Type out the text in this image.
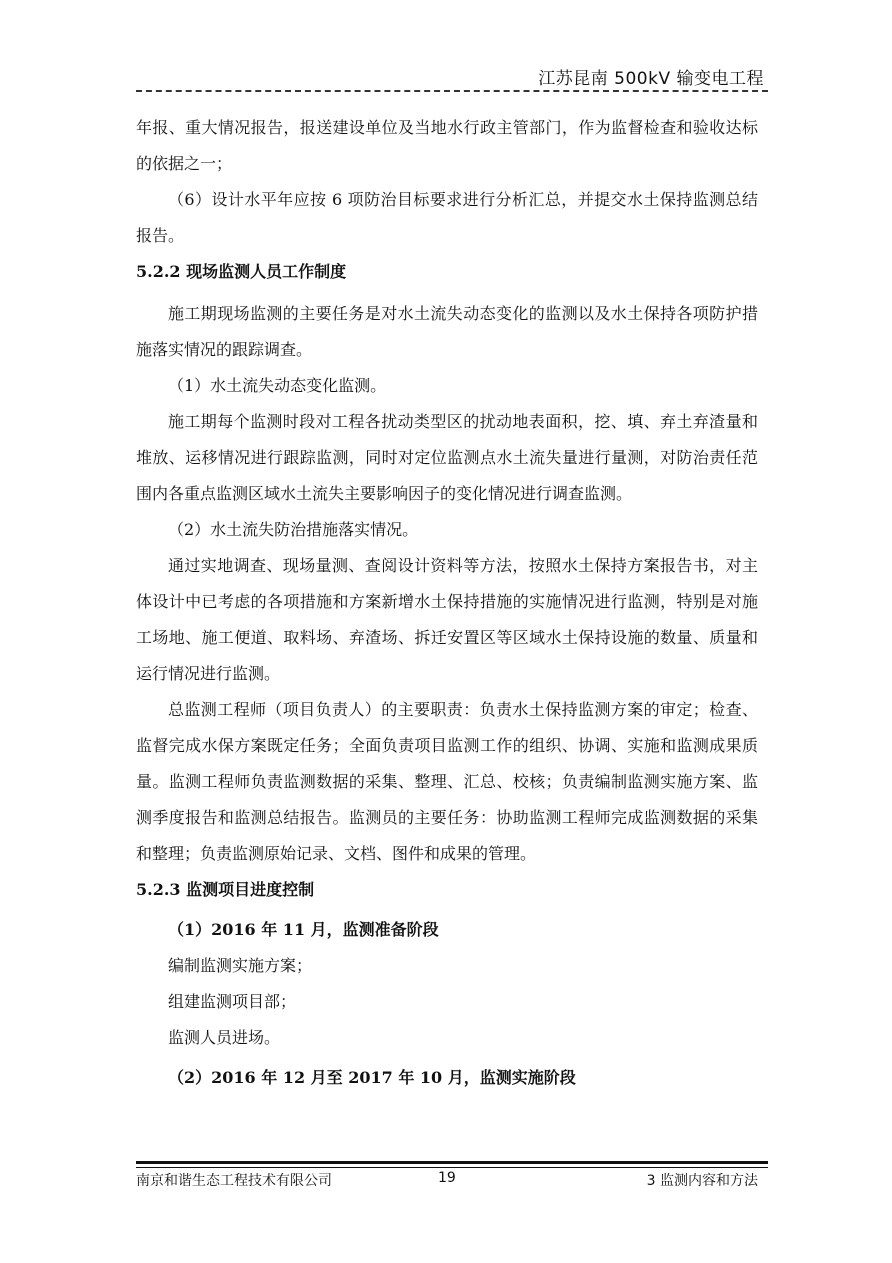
江苏昆南 500kV 输变电工程

年报、重大情况报告，报送建设单位及当地水行政主管部门，作为监督检查和验收达标的依据之一；

（6）设计水平年应按 6 项防治目标要求进行分析汇总，并提交水土保持监测总结报告。

5.2.2 现场监测人员工作制度

施工期现场监测的主要任务是对水土流失动态变化的监测以及水土保持各项防护措施落实情况的跟踪调查。

（1）水土流失动态变化监测。

施工期每个监测时段对工程各扰动类型区的扰动地表面积，挖、填、弃土弃渣量和堆放、运移情况进行跟踪监测，同时对定位监测点水土流失量进行量测，对防治责任范围内各重点监测区域水土流失主要影响因子的变化情况进行调查监测。

（2）水土流失防治措施落实情况。

通过实地调查、现场量测、查阅设计资料等方法，按照水土保持方案报告书，对主体设计中已考虑的各项措施和方案新增水土保持措施的实施情况进行监测，特别是对施工场地、施工便道、取料场、弃渣场、拆迁安置区等区域水土保持设施的数量、质量和运行情况进行监测。

总监测工程师（项目负责人）的主要职责：负责水土保持监测方案的审定；检查、监督完成水保方案既定任务；全面负责项目监测工作的组织、协调、实施和监测成果质量。监测工程师负责监测数据的采集、整理、汇总、校核；负责编制监测实施方案、监测季度报告和监测总结报告。监测员的主要任务：协助监测工程师完成监测数据的采集和整理；负责监测原始记录、文档、图件和成果的管理。

5.2.3 监测项目进度控制

（1）2016 年 11 月，监测准备阶段

编制监测实施方案；

组建监测项目部；

监测人员进场。

（2）2016 年 12 月至 2017 年 10 月，监测实施阶段

南京和谐生态工程技术有限公司	19	3 监测内容和方法
